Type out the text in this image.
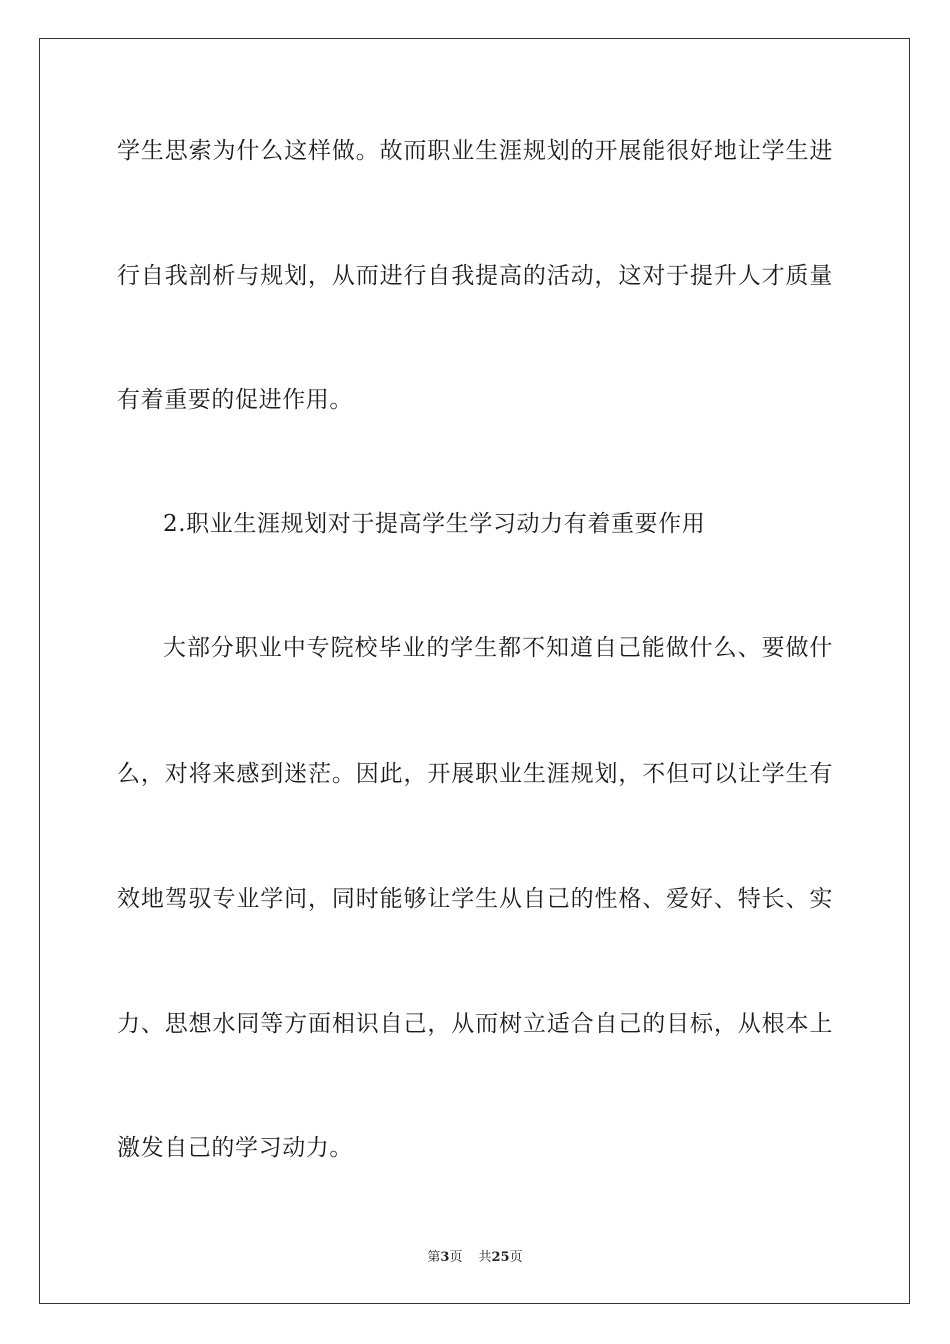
学生思索为什么这样做。故而职业生涯规划的开展能很好地让学生进
行自我剖析与规划，从而进行自我提高的活动，这对于提升人才质量
有着重要的促进作用。
2.职业生涯规划对于提高学生学习动力有着重要作用
大部分职业中专院校毕业的学生都不知道自己能做什么、要做什
么，对将来感到迷茫。因此，开展职业生涯规划，不但可以让学生有
效地驾驭专业学问，同时能够让学生从自己的性格、爱好、特长、实
力、思想水同等方面相识自己，从而树立适合自己的目标，从根本上
激发自己的学习动力。
第3页 共25页
